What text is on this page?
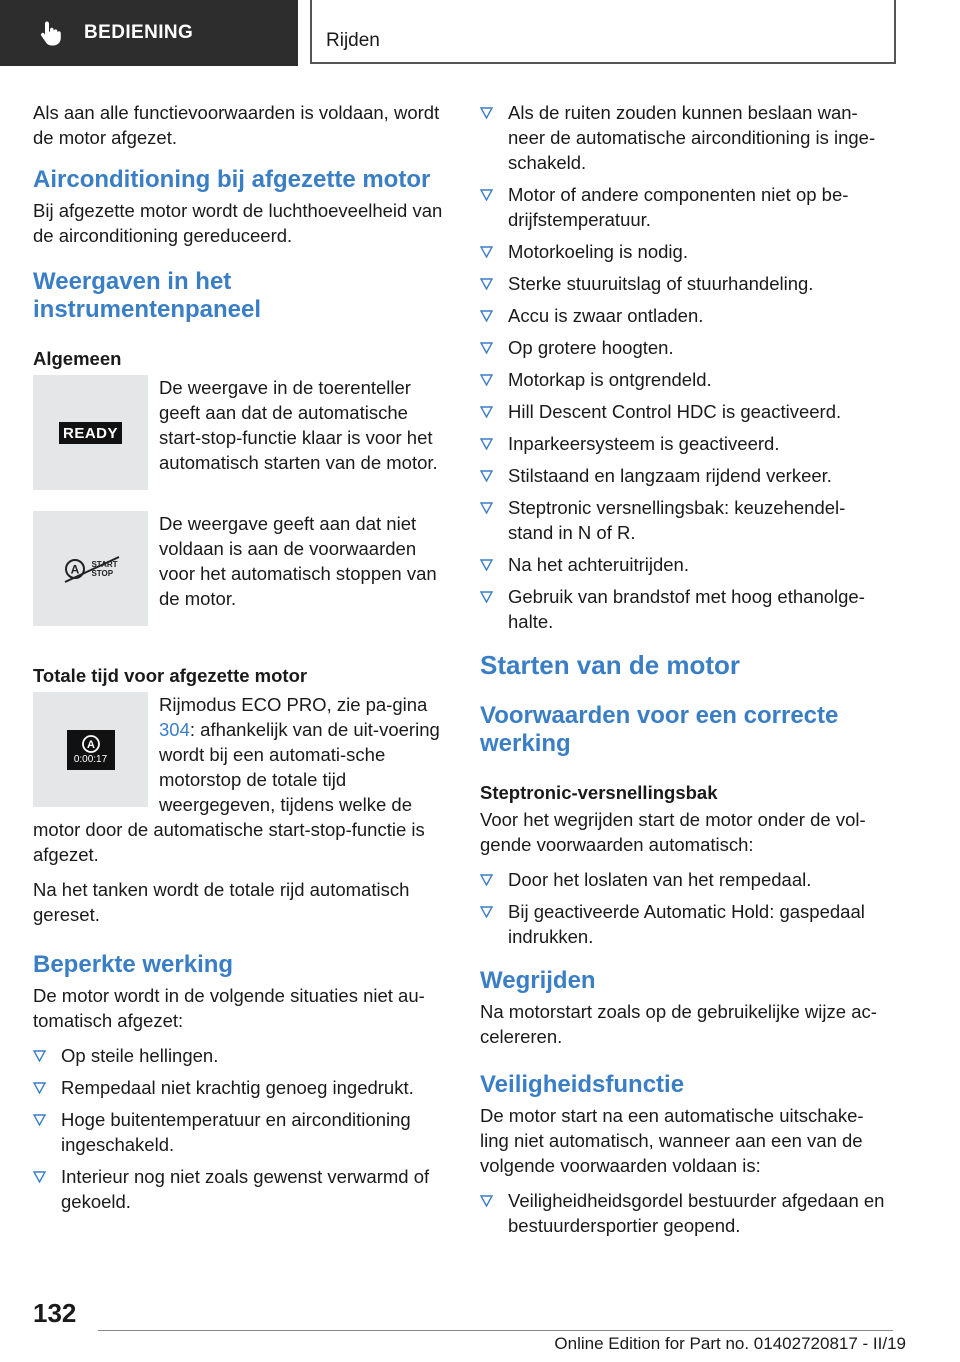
BEDIENING	Rijden

Als aan alle functievoorwaarden is voldaan, wordt de motor afgezet.

Airconditioning bij afgezette motor

Bij afgezette motor wordt de luchthoeveelheid van de airconditioning gereduceerd.

Weergaven in het instrumentenpaneel
Algemeen
READY

De weergave in de toerenteller geeft aan dat de automatische start-stop-functie klaar is voor het automatisch starten van de motor.

A START
STOP

De weergave geeft aan dat niet voldaan is aan de voorwaarden voor het automatisch stoppen van de motor.

Totale tijd voor afgezette motor
A
0:00:17

Rijmodus ECO PRO, zie pa-gina 304: afhankelijk van de uit-voering wordt bij een automati-sche motorstop de totale tijd weergegeven, tijdens welke de

motor door de automatische start-stop-functie is afgezet.

Na het tanken wordt de totale rijd automatisch gereset.

Beperkte werking

De motor wordt in de volgende situaties niet au-tomatisch afgezet:

Op steile hellingen.
Rempedaal niet krachtig genoeg ingedrukt.
Hoge buitentemperatuur en airconditioning ingeschakeld.
Interieur nog niet zoals gewenst verwarmd of gekoeld.
Als de ruiten zouden kunnen beslaan wan-neer de automatische airconditioning is inge-schakeld.
Motor of andere componenten niet op be-drijfstemperatuur.
Motorkoeling is nodig.
Sterke stuuruitslag of stuurhandeling.
Accu is zwaar ontladen.
Op grotere hoogten.
Motorkap is ontgrendeld.
Hill Descent Control HDC is geactiveerd.
Inparkeersysteem is geactiveerd.
Stilstaand en langzaam rijdend verkeer.
Steptronic versnellingsbak: keuzehendel-stand in N of R.
Na het achteruitrijden.
Gebruik van brandstof met hoog ethanolge-halte.
Starten van de motor
Voorwaarden voor een correcte werking
Steptronic-versnellingsbak

Voor het wegrijden start de motor onder de vol-gende voorwaarden automatisch:

Door het loslaten van het rempedaal.
Bij geactiveerde Automatic Hold: gaspedaal indrukken.
Wegrijden

Na motorstart zoals op de gebruikelijke wijze ac-celereren.

Veiligheidsfunctie

De motor start na een automatische uitschake-ling niet automatisch, wanneer aan een van de volgende voorwaarden voldaan is:

Veiligheidheidsgordel bestuurder afgedaan en bestuurdersportier geopend.
132
Online Edition for Part no. 01402720817 - II/19
